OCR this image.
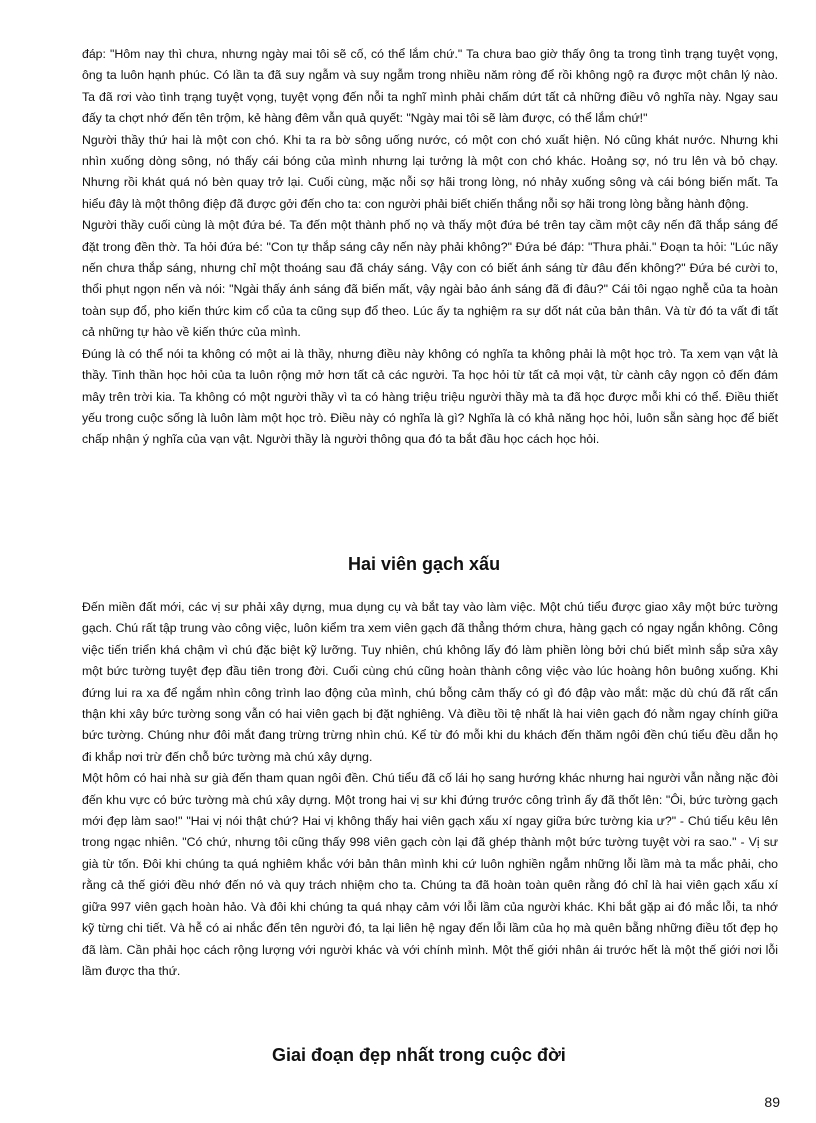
đáp: "Hôm nay thì chưa, nhưng ngày mai tôi sẽ cố, có thể lắm chứ." Ta chưa bao giờ thấy ông ta trong tình trạng tuyệt vọng, ông ta luôn hạnh phúc. Có lần ta đã suy ngẫm và suy ngẫm trong nhiều năm ròng để rồi không ngộ ra được một chân lý nào. Ta đã rơi vào tình trạng tuyệt vọng, tuyệt vọng đến nỗi ta nghĩ mình phải chấm dứt tất cả những điều vô nghĩa này. Ngay sau đấy ta chợt nhớ đến tên trộm, kẻ hàng đêm vẫn quả quyết: "Ngày mai tôi sẽ làm được, có thể lắm chứ!"

Người thầy thứ hai là một con chó. Khi ta ra bờ sông uống nước, có một con chó xuất hiện. Nó cũng khát nước. Nhưng khi nhìn xuống dòng sông, nó thấy cái bóng của mình nhưng lại tưởng là một con chó khác. Hoảng sợ, nó tru lên và bỏ chạy. Nhưng rồi khát quá nó bèn quay trở lại. Cuối cùng, mặc nỗi sợ hãi trong lòng, nó nhảy xuống sông và cái bóng biến mất. Ta hiểu đây là một thông điệp đã được gởi đến cho ta: con người phải biết chiến thắng nỗi sợ hãi trong lòng bằng hành động.

Người thầy cuối cùng là một đứa bé. Ta đến một thành phố nọ và thấy một đứa bé trên tay cầm một cây nến đã thắp sáng để đặt trong đền thờ. Ta hỏi đứa bé: "Con tự thắp sáng cây nến này phải không?" Đứa bé đáp: "Thưa phải." Đoạn ta hỏi: "Lúc nãy nến chưa thắp sáng, nhưng chỉ một thoáng sau đã cháy sáng. Vậy con có biết ánh sáng từ đâu đến không?" Đứa bé cười to, thổi phụt ngọn nến và nói: "Ngài thấy ánh sáng đã biến mất, vậy ngài bảo ánh sáng đã đi đâu?" Cái tôi ngạo nghễ của ta hoàn toàn sụp đổ, pho kiến thức kim cổ của ta cũng sụp đổ theo. Lúc ấy ta nghiệm ra sự dốt nát của bản thân. Và từ đó ta vất đi tất cả những tự hào về kiến thức của mình.

Đúng là có thể nói ta không có một ai là thầy, nhưng điều này không có nghĩa ta không phải là một học trò. Ta xem vạn vật là thầy. Tinh thần học hỏi của ta luôn rộng mở hơn tất cả các người. Ta học hỏi từ tất cả mọi vật, từ cành cây ngọn cỏ đến đám mây trên trời kia. Ta không có một người thầy vì ta có hàng triệu triệu người thầy mà ta đã học được mỗi khi có thể. Điều thiết yếu trong cuộc sống là luôn làm một học trò. Điều này có nghĩa là gì? Nghĩa là có khả năng học hỏi, luôn sẵn sàng học để biết chấp nhận ý nghĩa của vạn vật. Người thầy là người thông qua đó ta bắt đầu học cách học hỏi.

Hai viên gạch xấu

Đến miền đất mới, các vị sư phải xây dựng, mua dụng cụ và bắt tay vào làm việc. Một chú tiểu được giao xây một bức tường gạch. Chú rất tập trung vào công việc, luôn kiểm tra xem viên gạch đã thẳng thớm chưa, hàng gạch có ngay ngắn không. Công việc tiến triển khá chậm vì chú đặc biệt kỹ lưỡng. Tuy nhiên, chú không lấy đó làm phiền lòng bởi chú biết mình sắp sửa xây một bức tường tuyệt đẹp đầu tiên trong đời. Cuối cùng chú cũng hoàn thành công việc vào lúc hoàng hôn buông xuống. Khi đứng lui ra xa để ngắm nhìn công trình lao động của mình, chú bỗng cảm thấy có gì đó đập vào mắt: mặc dù chú đã rất cẩn thận khi xây bức tường song vẫn có hai viên gạch bị đặt nghiêng. Và điều tồi tệ nhất là hai viên gạch đó nằm ngay chính giữa bức tường. Chúng như đôi mắt đang trừng trừng nhìn chú. Kể từ đó mỗi khi du khách đến thăm ngôi đền chú tiểu đều dẫn họ đi khắp nơi trừ đến chỗ bức tường mà chú xây dựng.

Một hôm có hai nhà sư già đến tham quan ngôi đền. Chú tiểu đã cố lái họ sang hướng khác nhưng hai người vẫn nằng nặc đòi đến khu vực có bức tường mà chú xây dựng. Một trong hai vị sư khi đứng trước công trình ấy đã thốt lên: "Ôi, bức tường gạch mới đẹp làm sao!" "Hai vị nói thật chứ? Hai vị không thấy hai viên gạch xấu xí ngay giữa bức tường kia ư?" - Chú tiểu kêu lên trong ngạc nhiên. "Có chứ, nhưng tôi cũng thấy 998 viên gạch còn lại đã ghép thành một bức tường tuyệt vời ra sao." - Vị sư già từ tốn. Đôi khi chúng ta quá nghiêm khắc với bản thân mình khi cứ luôn nghiền ngẫm những lỗi lầm mà ta mắc phải, cho rằng cả thế giới đều nhớ đến nó và quy trách nhiệm cho ta. Chúng ta đã hoàn toàn quên rằng đó chỉ là hai viên gạch xấu xí giữa 997 viên gạch hoàn hảo. Và đôi khi chúng ta quá nhạy cảm với lỗi lầm của người khác. Khi bắt gặp ai đó mắc lỗi, ta nhớ kỹ từng chi tiết. Và hễ có ai nhắc đến tên người đó, ta lại liên hệ ngay đến lỗi lầm của họ mà quên bẵng những điều tốt đẹp họ đã làm. Cần phải học cách rộng lượng với người khác và với chính mình. Một thế giới nhân ái trước hết là một thế giới nơi lỗi lầm được tha thứ.

Giai đoạn đẹp nhất trong cuộc đời
89
